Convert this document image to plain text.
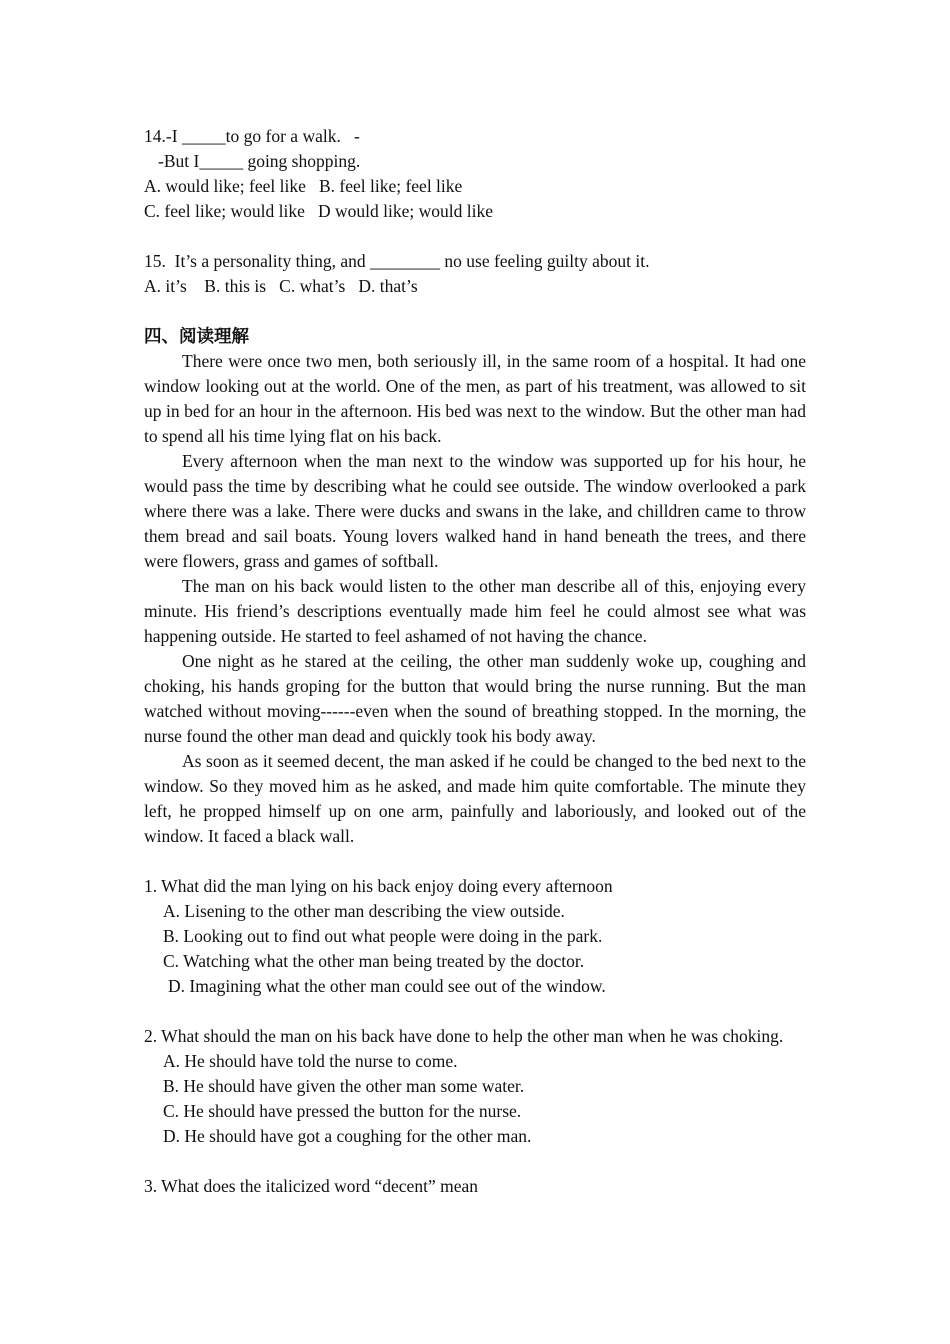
14.-I _____to go for a walk.   -
-But I_____ going shopping.
A. would like; feel like   B. feel like; feel like
C. feel like; would like   D would like; would like
15.  It’s a personality thing, and ________ no use feeling guilty about it.
A. it’s    B. this is   C. what’s   D. that’s
四、阅读理解

There were once two men, both seriously ill, in the same room of a hospital. It had one window looking out at the world. One of the men, as part of his treatment, was allowed to sit up in bed for an hour in the afternoon. His bed was next to the window. But the other man had to spend all his time lying flat on his back.

Every afternoon when the man next to the window was supported up for his hour, he would pass the time by describing what he could see outside. The window overlooked a park where there was a lake. There were ducks and swans in the lake, and chilldren came to throw them bread and sail boats. Young lovers walked hand in hand beneath the trees, and there were flowers, grass and games of softball.

The man on his back would listen to the other man describe all of this, enjoying every minute. His friend’s descriptions eventually made him feel he could almost see what was happening outside. He started to feel ashamed of not having the chance.

One night as he stared at the ceiling, the other man suddenly woke up, coughing and choking, his hands groping for the button that would bring the nurse running. But the man watched without moving------even when the sound of breathing stopped. In the morning, the nurse found the other man dead and quickly took his body away.

As soon as it seemed decent, the man asked if he could be changed to the bed next to the window. So they moved him as he asked, and made him quite comfortable. The minute they left, he propped himself up on one arm, painfully and laboriously, and looked out of the window. It faced a black wall.

1. What did the man lying on his back enjoy doing every afternoon
A. Lisening to the other man describing the view outside.
B. Looking out to find out what people were doing in the park.
C. Watching what the other man being treated by the doctor.
D. Imagining what the other man could see out of the window.
2. What should the man on his back have done to help the other man when he was choking.
A. He should have told the nurse to come.
B. He should have given the other man some water.
C. He should have pressed the button for the nurse.
D. He should have got a coughing for the other man.
3. What does the italicized word “decent” mean
